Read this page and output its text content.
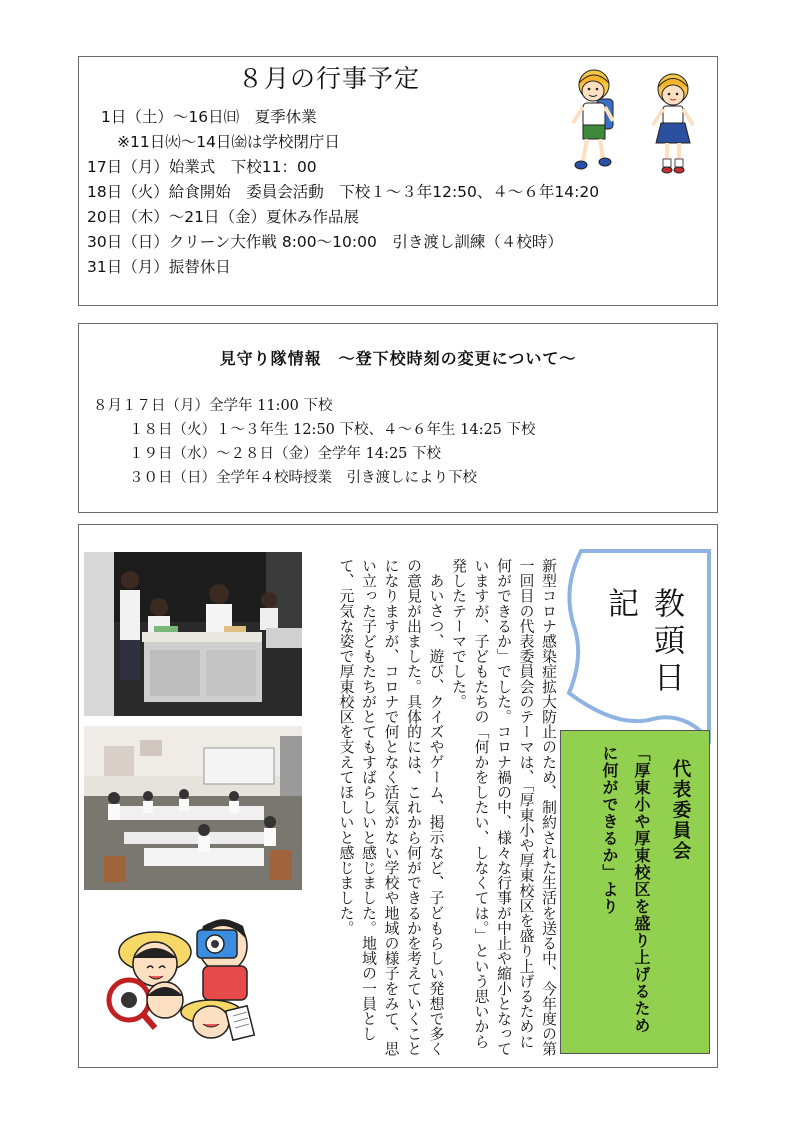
８月の行事予定
1日（土）～16日㈰　夏季休業
※11日㈫～14日㈮は学校閉庁日
17日（月）始業式　下校11：00
18日（火）給食開始　委員会活動　下校１～３年12:50、４～６年14:20
20日（木）～21日（金）夏休み作品展
30日（日）クリーン大作戦 8:00～10:00　引き渡し訓練（４校時）
31日（月）振替休日
見守り隊情報　～登下校時刻の変更について～
８月１７日（月）全学年 11:00 下校
１８日（火）１～３年生 12:50 下校、４～６年生 14:25 下校
１９日（水）～２８日（金）全学年 14:25 下校
３０日（日）全学年４校時授業　引き渡しにより下校

新型コロナ感染症拡大防止のため、制約された生活を送る中、今年度の第一回目の代表委員会のテーマは、「厚東小や厚東校区を盛り上げるために何ができるか」でした。コロナ禍の中、様々な行事が中止や縮小となっていますが、子どもたちの「何かをしたい、しなくては。」という思いから発したテーマでした。

あいさつ、遊び、クイズやゲーム、掲示など、子どもらしい発想で多くの意見が出ました。具体的には、これから何ができるかを考えていくことになりますが、コロナで何となく活気がない学校や地域の様子をみて、思い立った子どもたちがとてもすばらしいと感じました。地域の一員として、元気な姿で厚東校区を支えてほしいと感じました。	教頭日記
代表委員会
「厚東小や厚東校区を盛り上げるために何ができるか」より
